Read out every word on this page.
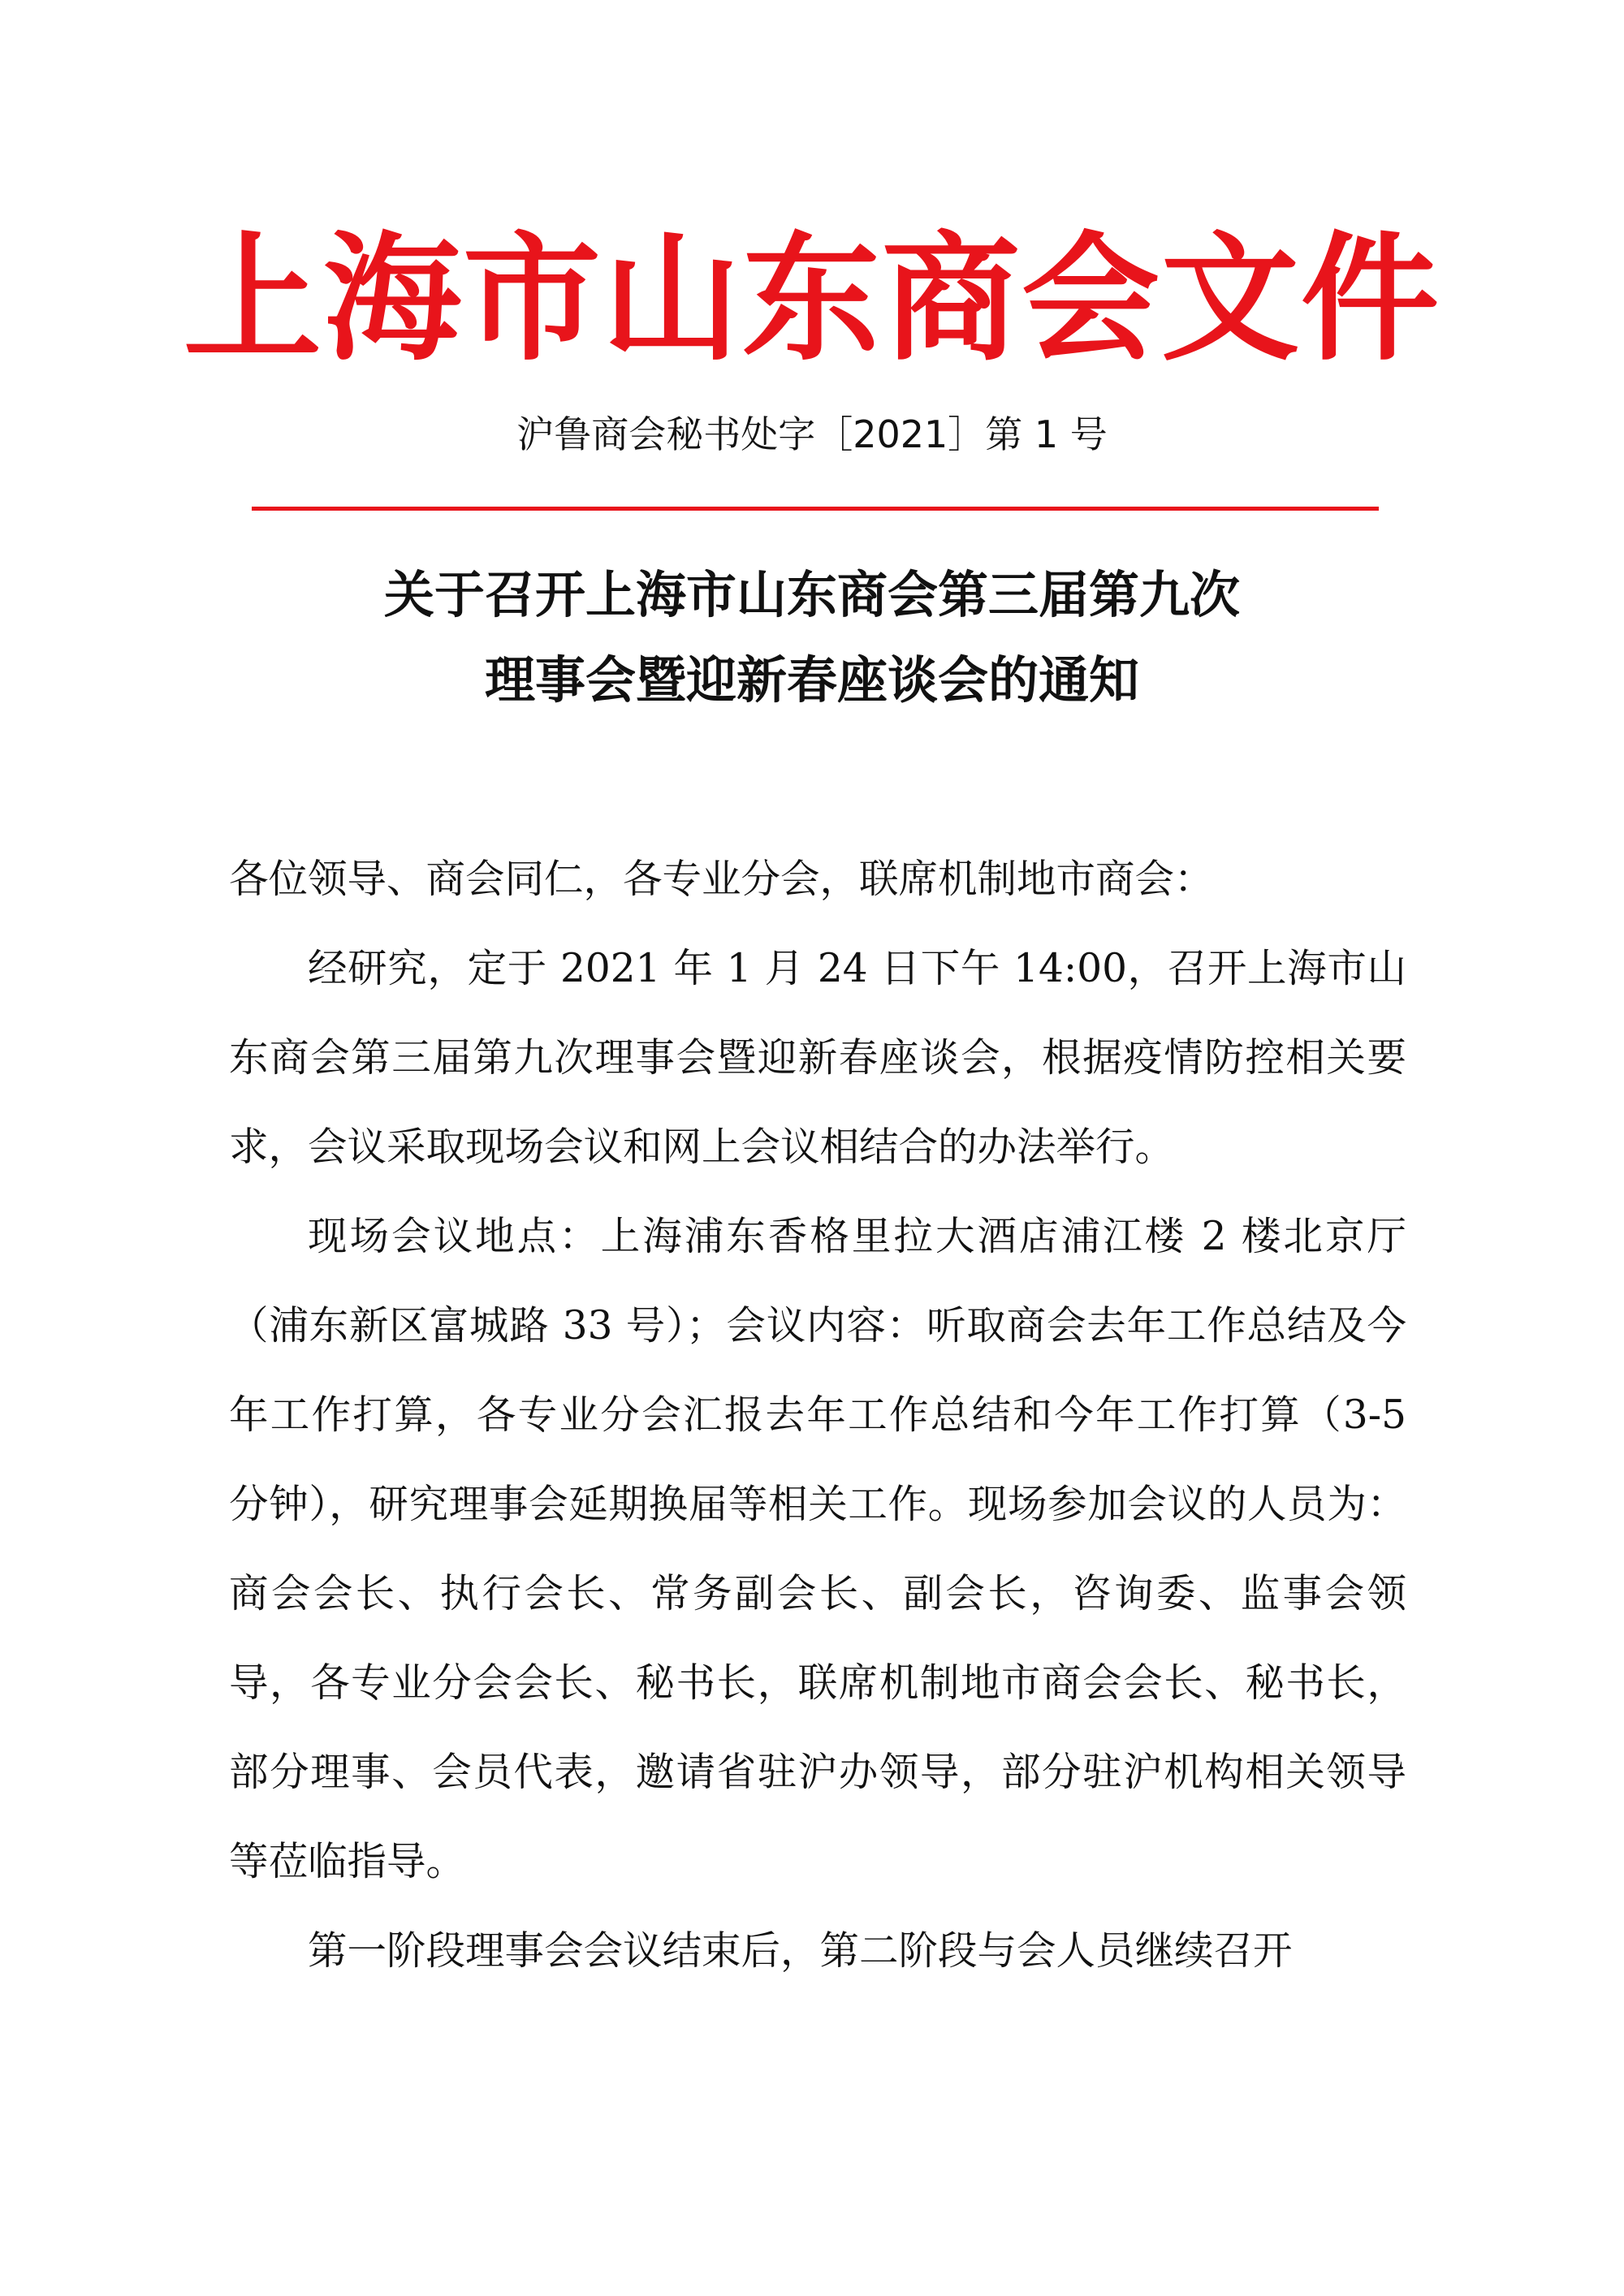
上海市山东商会文件
沪鲁商会秘书处字［2021］第 1 号
关于召开上海市山东商会第三届第九次
理事会暨迎新春座谈会的通知

各位领导、商会同仁，各专业分会，联席机制地市商会：

经研究，定于 2021 年 1 月 24 日下午 14:00，召开上海市山东商会第三届第九次理事会暨迎新春座谈会，根据疫情防控相关要求，会议采取现场会议和网上会议相结合的办法举行。

现场会议地点：上海浦东香格里拉大酒店浦江楼 2 楼北京厅（浦东新区富城路 33 号）；会议内容：听取商会去年工作总结及今年工作打算，各专业分会汇报去年工作总结和今年工作打算（3-5 分钟），研究理事会延期换届等相关工作。现场参加会议的人员为：商会会长、执行会长、常务副会长、副会长，咨询委、监事会领导，各专业分会会长、秘书长，联席机制地市商会会长、秘书长，部分理事、会员代表，邀请省驻沪办领导，部分驻沪机构相关领导等莅临指导。

第一阶段理事会会议结束后，第二阶段与会人员继续召开
